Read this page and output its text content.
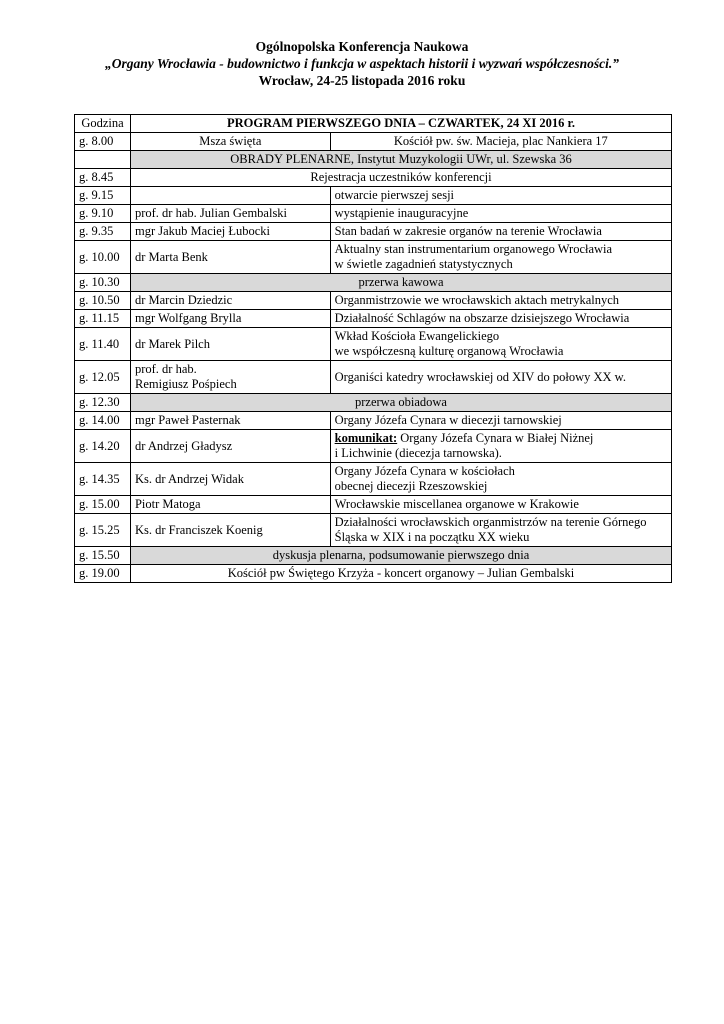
Ogólnopolska Konferencja Naukowa
„Organy Wrocławia - budownictwo i funkcja w aspektach historii i wyzwań współczesności.”
Wrocław, 24-25 listopada 2016 roku
Godzina	PROGRAM PIERWSZEGO DNIA – CZWARTEK, 24 XI 2016 r.	
g. 8.00	Msza święta	Kościół pw. św. Macieja, plac Nankiera 17
	OBRADY PLENARNE, Instytut Muzykologii UWr, ul. Szewska 36	
g. 8.45	Rejestracja uczestników konferencji	
g. 9.15		otwarcie pierwszej sesji
g. 9.10	prof. dr hab. Julian Gembalski	wystąpienie inauguracyjne
g. 9.35	mgr Jakub Maciej Łubocki	Stan badań w zakresie organów na terenie Wrocławia
g. 10.00	dr Marta Benk	Aktualny stan instrumentarium organowego Wrocławia
w świetle zagadnień statystycznych

g. 10.30	przerwa kawowa	
g. 10.50	dr Marcin Dziedzic	Organmistrzowie we wrocławskich aktach metrykalnych
g. 11.15	mgr Wolfgang Brylla	Działalność Schlagów na obszarze dzisiejszego Wrocławia
g. 11.40	dr Marek Pilch	Wkład Kościoła Ewangelickiego
we współczesną kulturę organową Wrocławia

g. 12.05	prof. dr hab.
Remigiusz Pośpiech	Organiści katedry wrocławskiej od XIV do połowy XX w.
g. 12.30	przerwa obiadowa	
g. 14.00	mgr Paweł Pasternak	Organy Józefa Cynara w diecezji tarnowskiej
g. 14.20	dr Andrzej Gładysz	komunikat: Organy Józefa Cynara w Białej Niżnej
i Lichwinie (diecezja tarnowska).

g. 14.35	Ks. dr Andrzej Widak	Organy Józefa Cynara w kościołach
obecnej diecezji Rzeszowskiej

g. 15.00	Piotr Matoga	Wrocławskie miscellanea organowe w Krakowie
g. 15.25	Ks. dr Franciszek Koenig	Działalności wrocławskich organmistrzów na terenie Górnego
Śląska w XIX i na początku XX wieku

g. 15.50	dyskusja plenarna, podsumowanie pierwszego dnia	
g. 19.00	Kościół pw Świętego Krzyża - koncert organowy – Julian Gembalski	
